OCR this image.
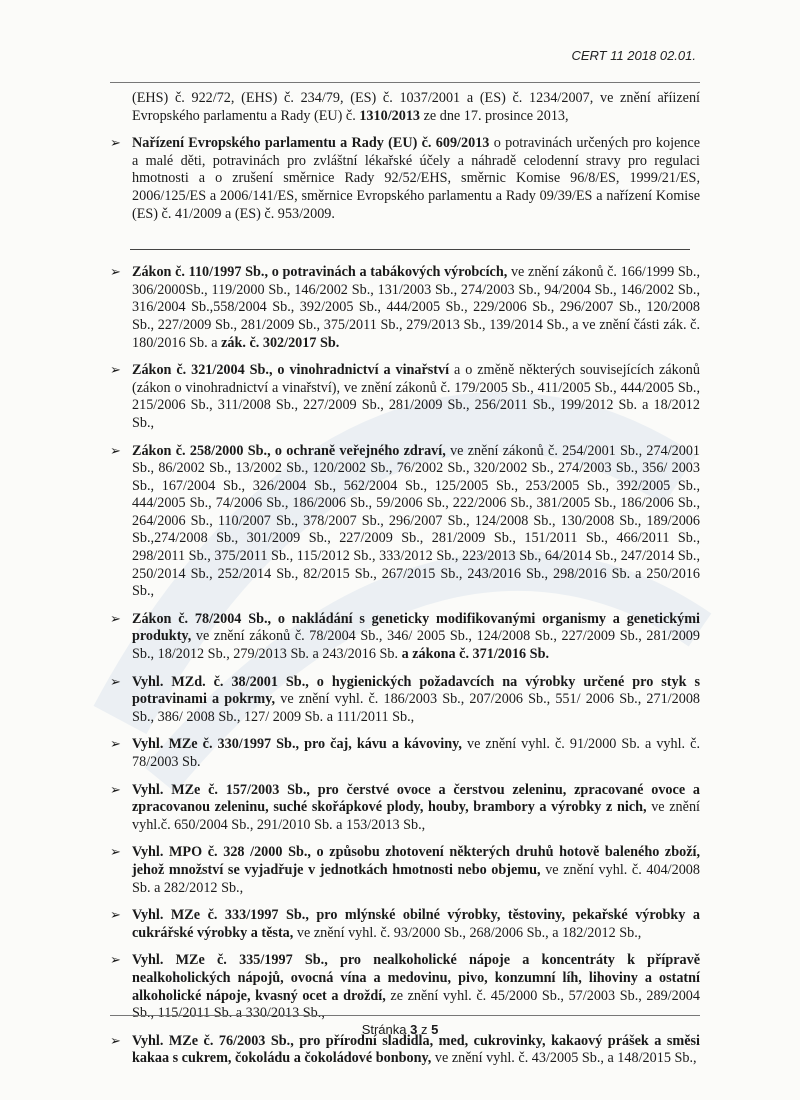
CERT 11 2018 02.01.

(EHS) č. 922/72, (EHS) č. 234/79, (ES) č. 1037/2001 a (ES) č. 1234/2007, ve znění aříizení Evropského parlamentu a Rady (EU) č. 1310/2013 ze dne 17. prosince 2013,

➢ Nařízení Evropského parlamentu a Rady (EU) č. 609/2013 o potravinách určených pro kojence a malé děti, potravinách pro zvláštní lékařské účely a náhradě celodenní stravy pro regulaci hmotnosti a o zrušení směrnice Rady 92/52/EHS, směrnic Komise 96/8/ES, 1999/21/ES, 2006/125/ES a 2006/141/ES, směrnice Evropského parlamentu a Rady 09/39/ES a nařízení Komise (ES) č. 41/2009 a (ES) č. 953/2009.
➢ Zákon č. 110/1997 Sb., o potravinách a tabákových výrobcích, ve znění zákonů č. 166/1999 Sb., 306/2000Sb., 119/2000 Sb., 146/2002 Sb., 131/2003 Sb., 274/2003 Sb., 94/2004 Sb., 146/2002 Sb., 316/2004 Sb.,558/2004 Sb., 392/2005 Sb., 444/2005 Sb., 229/2006 Sb., 296/2007 Sb., 120/2008 Sb., 227/2009 Sb., 281/2009 Sb., 375/2011 Sb., 279/2013 Sb., 139/2014 Sb., a ve znění části zák. č. 180/2016 Sb. a zák. č. 302/2017 Sb.
➢ Zákon č. 321/2004 Sb., o vinohradnictví a vinařství a o změně některých souvisejících zákonů (zákon o vinohradnictví a vinařství), ve znění zákonů č. 179/2005 Sb., 411/2005 Sb., 444/2005 Sb., 215/2006 Sb., 311/2008 Sb., 227/2009 Sb., 281/2009 Sb., 256/2011 Sb., 199/2012 Sb. a 18/2012 Sb.,
➢ Zákon č. 258/2000 Sb., o ochraně veřejného zdraví, ve znění zákonů č. 254/2001 Sb., 274/2001 Sb., 86/2002 Sb., 13/2002 Sb., 120/2002 Sb., 76/2002 Sb., 320/2002 Sb., 274/2003 Sb., 356/ 2003 Sb., 167/2004 Sb., 326/2004 Sb., 562/2004 Sb., 125/2005 Sb., 253/2005 Sb., 392/2005 Sb., 444/2005 Sb., 74/2006 Sb., 186/2006 Sb., 59/2006 Sb., 222/2006 Sb., 381/2005 Sb., 186/2006 Sb., 264/2006 Sb., 110/2007 Sb., 378/2007 Sb., 296/2007 Sb., 124/2008 Sb., 130/2008 Sb., 189/2006 Sb.,274/2008 Sb., 301/2009 Sb., 227/2009 Sb., 281/2009 Sb., 151/2011 Sb., 466/2011 Sb., 298/2011 Sb., 375/2011 Sb., 115/2012 Sb., 333/2012 Sb., 223/2013 Sb., 64/2014 Sb., 247/2014 Sb., 250/2014 Sb., 252/2014 Sb., 82/2015 Sb., 267/2015 Sb., 243/2016 Sb., 298/2016 Sb. a 250/2016 Sb.,
➢ Zákon č. 78/2004 Sb., o nakládání s geneticky modifikovanými organismy a genetickými produkty, ve znění zákonů č. 78/2004 Sb., 346/ 2005 Sb., 124/2008 Sb., 227/2009 Sb., 281/2009 Sb., 18/2012 Sb., 279/2013 Sb. a 243/2016 Sb. a zákona č. 371/2016 Sb.
➢ Vyhl. MZd. č. 38/2001 Sb., o hygienických požadavcích na výrobky určené pro styk s potravinami a pokrmy, ve znění vyhl. č. 186/2003 Sb., 207/2006 Sb., 551/ 2006 Sb., 271/2008 Sb., 386/ 2008 Sb., 127/ 2009 Sb. a 111/2011 Sb.,
➢ Vyhl. MZe č. 330/1997 Sb., pro čaj, kávu a kávoviny, ve znění vyhl. č. 91/2000 Sb. a vyhl. č. 78/2003 Sb.
➢ Vyhl. MZe č. 157/2003 Sb., pro čerstvé ovoce a čerstvou zeleninu, zpracované ovoce a zpracovanou zeleninu, suché skořápkové plody, houby, brambory a výrobky z nich, ve znění vyhl.č. 650/2004 Sb., 291/2010 Sb. a 153/2013 Sb.,
➢ Vyhl. MPO č. 328 /2000 Sb., o způsobu zhotovení některých druhů hotově baleného zboží, jehož množství se vyjadřuje v jednotkách hmotnosti nebo objemu, ve znění vyhl. č. 404/2008 Sb. a 282/2012 Sb.,
➢ Vyhl. MZe č. 333/1997 Sb., pro mlýnské obilné výrobky, těstoviny, pekařské výrobky a cukrářské výrobky a těsta, ve znění vyhl. č. 93/2000 Sb., 268/2006 Sb., a 182/2012 Sb.,
➢ Vyhl. MZe č. 335/1997 Sb., pro nealkoholické nápoje a koncentráty k přípravě nealkoholických nápojů, ovocná vína a medovinu, pivo, konzumní líh, lihoviny a ostatní alkoholické nápoje, kvasný ocet a droždí, ze znění vyhl. č. 45/2000 Sb., 57/2003 Sb., 289/2004 Sb., 115/2011 Sb. a 330/2013 Sb.,
➢ Vyhl. MZe č. 76/2003 Sb., pro přírodní sladidla, med, cukrovinky, kakaový prášek a směsi kakaa s cukrem, čokoládu a čokoládové bonbony, ve znění vyhl. č. 43/2005 Sb., a 148/2015 Sb.,
Stránka 3 z 5
